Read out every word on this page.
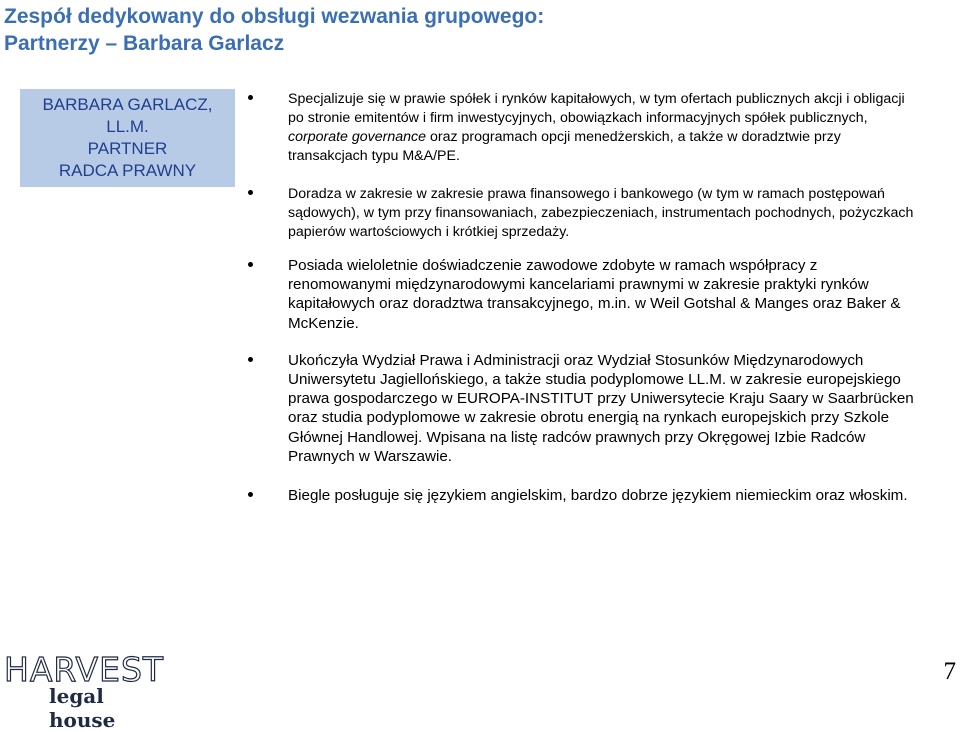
Zespół dedykowany do obsługi wezwania grupowego:
Partnerzy – Barbara Garlacz
BARBARA GARLACZ,
LL.M.
PARTNER
RADCA PRAWNY
Specjalizuje się w prawie spółek i rynków kapitałowych, w tym ofertach publicznych akcji i obligacji po stronie emitentów i firm inwestycyjnych, obowiązkach informacyjnych spółek publicznych, corporate governance oraz programach opcji menedżerskich, a także w doradztwie przy transakcjach typu M&A/PE.
Doradza w zakresie w zakresie prawa finansowego i bankowego (w tym w ramach postępowań sądowych), w tym przy finansowaniach, zabezpieczeniach, instrumentach pochodnych, pożyczkach papierów wartościowych i krótkiej sprzedaży.
Posiada wieloletnie doświadczenie zawodowe zdobyte w ramach współpracy z renomowanymi międzynarodowymi kancelariami prawnymi w zakresie praktyki rynków kapitałowych oraz doradztwa transakcyjnego, m.in. w Weil Gotshal & Manges oraz Baker & McKenzie.
Ukończyła Wydział Prawa i Administracji oraz Wydział Stosunków Międzynarodowych Uniwersytetu Jagiellońskiego, a także studia podyplomowe LL.M. w zakresie europejskiego prawa gospodarczego w EUROPA-INSTITUT przy Uniwersytecie Kraju Saary w Saarbrücken oraz studia podyplomowe w zakresie obrotu energią na rynkach europejskich przy Szkole Głównej Handlowej. Wpisana na listę radców prawnych przy Okręgowej Izbie Radców Prawnych w Warszawie.
Biegle posługuje się językiem angielskim, bardzo dobrze językiem niemieckim oraz włoskim.
HARVEST
legal house
7
